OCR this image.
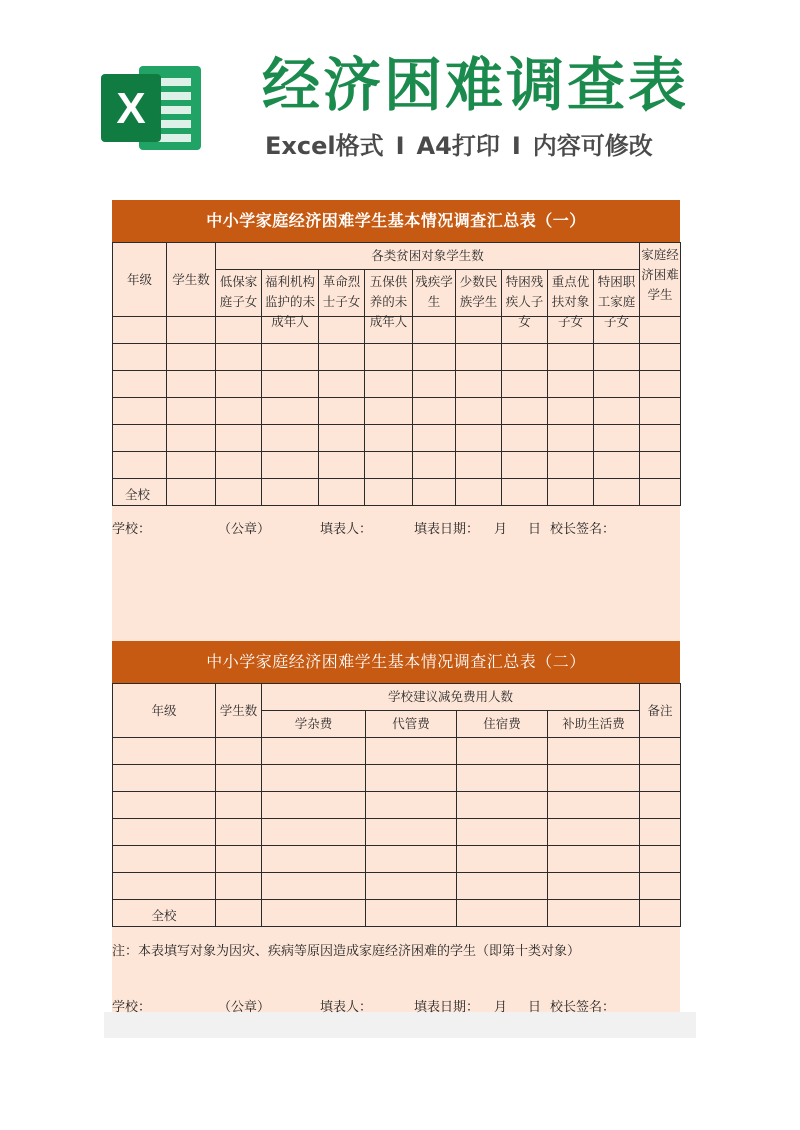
X 经济困难调查表
Excel格式 I A4打印 I 内容可修改
中小学家庭经济困难学生基本情况调查汇总表（一）
年级	学生数	各类贫困对象学生数									家庭经济困难学生

		低保家庭子女	福利机构监护的未成年人	革命烈士子女	五保供养的未成年人	残疾学生	少数民族学生	特困残疾人子女	重点优扶对象子女	特困职工家庭子女	

全校											
学校：	（公章）	填表人：	填表日期： 月 日 校长签名：
中小学家庭经济困难学生基本情况调查汇总表（二）
年级	学生数	学校建议减免费用人数				备注
		学杂费	代管费	住宿费	补助生活费	

全校						
注：本表填写对象为因灾、疾病等原因造成家庭经济困难的学生（即第十类对象）
学校：	（公章）	填表人：	填表日期： 月 日 校长签名：
